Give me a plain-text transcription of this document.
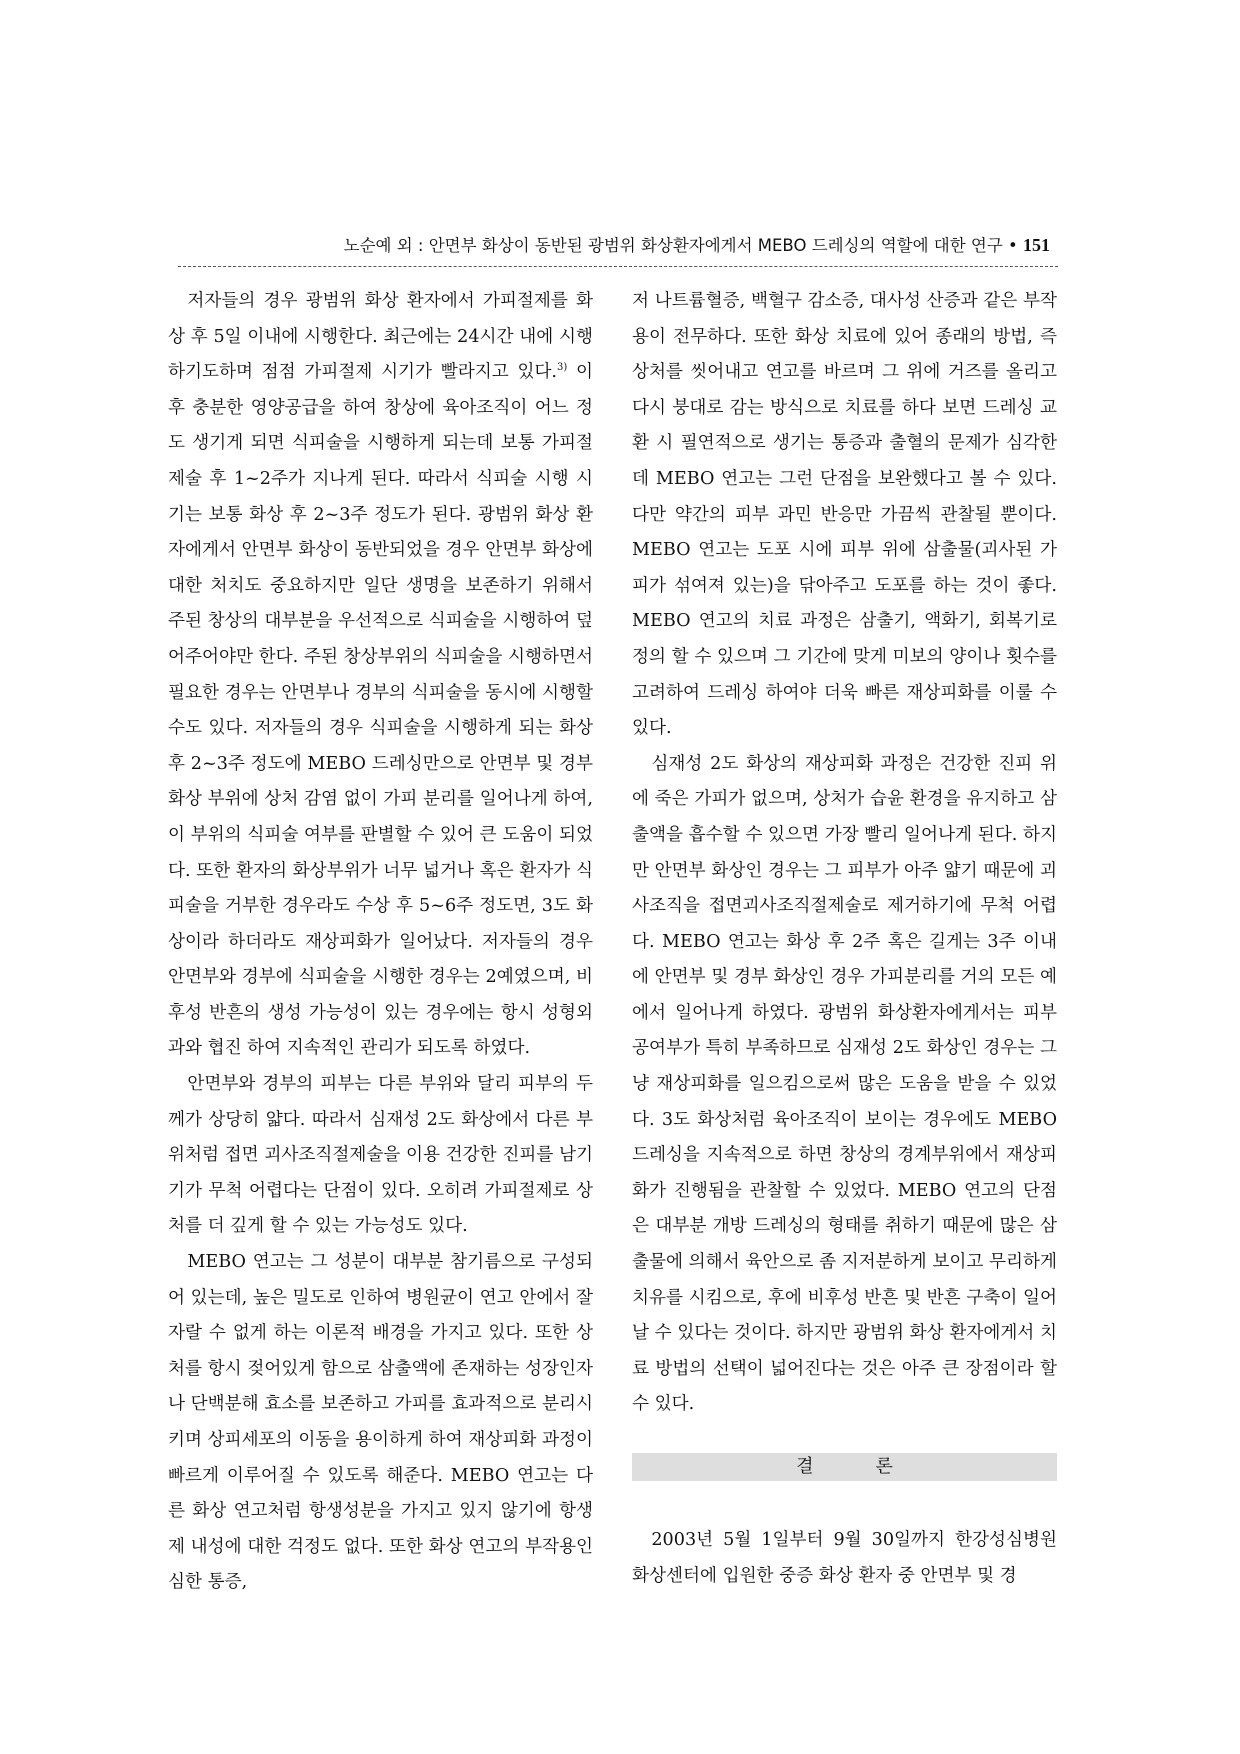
노순예 외 : 안면부 화상이 동반된 광범위 화상환자에게서 MEBO 드레싱의 역할에 대한 연구 • 151

저자들의 경우 광범위 화상 환자에서 가피절제를 화상 후 5일 이내에 시행한다. 최근에는 24시간 내에 시행하기도하며 점점 가피절제 시기가 빨라지고 있다.$^{3)}$ 이 후 충분한 영양공급을 하여 창상에 육아조직이 어느 정도 생기게 되면 식피술을 시행하게 되는데 보통 가피절제술 후 1~2주가 지나게 된다. 따라서 식피술 시행 시기는 보통 화상 후 2~3주 정도가 된다. 광범위 화상 환자에게서 안면부 화상이 동반되었을 경우 안면부 화상에 대한 처치도 중요하지만 일단 생명을 보존하기 위해서 주된 창상의 대부분을 우선적으로 식피술을 시행하여 덮어주어야만 한다. 주된 창상부위의 식피술을 시행하면서 필요한 경우는 안면부나 경부의 식피술을 동시에 시행할 수도 있다. 저자들의 경우 식피술을 시행하게 되는 화상 후 2~3주 정도에 MEBO 드레싱만으로 안면부 및 경부 화상 부위에 상처 감염 없이 가피 분리를 일어나게 하여, 이 부위의 식피술 여부를 판별할 수 있어 큰 도움이 되었다. 또한 환자의 화상부위가 너무 넓거나 혹은 환자가 식피술을 거부한 경우라도 수상 후 5~6주 정도면, 3도 화상이라 하더라도 재상피화가 일어났다. 저자들의 경우 안면부와 경부에 식피술을 시행한 경우는 2예였으며, 비후성 반흔의 생성 가능성이 있는 경우에는 항시 성형외과와 협진 하여 지속적인 관리가 되도록 하였다.

안면부와 경부의 피부는 다른 부위와 달리 피부의 두께가 상당히 얇다. 따라서 심재성 2도 화상에서 다른 부위처럼 접면 괴사조직절제술을 이용 건강한 진피를 남기기가 무척 어렵다는 단점이 있다. 오히려 가피절제로 상처를 더 깊게 할 수 있는 가능성도 있다.

MEBO 연고는 그 성분이 대부분 참기름으로 구성되어 있는데, 높은 밀도로 인하여 병원균이 연고 안에서 잘 자랄 수 없게 하는 이론적 배경을 가지고 있다. 또한 상처를 항시 젖어있게 함으로 삼출액에 존재하는 성장인자나 단백분해 효소를 보존하고 가피를 효과적으로 분리시키며 상피세포의 이동을 용이하게 하여 재상피화 과정이 빠르게 이루어질 수 있도록 해준다. MEBO 연고는 다른 화상 연고처럼 항생성분을 가지고 있지 않기에 항생제 내성에 대한 걱정도 없다. 또한 화상 연고의 부작용인 심한 통증,

저 나트륨혈증, 백혈구 감소증, 대사성 산증과 같은 부작용이 전무하다. 또한 화상 치료에 있어 종래의 방법, 즉 상처를 씻어내고 연고를 바르며 그 위에 거즈를 올리고 다시 붕대로 감는 방식으로 치료를 하다 보면 드레싱 교환 시 필연적으로 생기는 통증과 출혈의 문제가 심각한데 MEBO 연고는 그런 단점을 보완했다고 볼 수 있다. 다만 약간의 피부 과민 반응만 가끔씩 관찰될 뿐이다. MEBO 연고는 도포 시에 피부 위에 삼출물(괴사된 가피가 섞여져 있는)을 닦아주고 도포를 하는 것이 좋다. MEBO 연고의 치료 과정은 삼출기, 액화기, 회복기로 정의 할 수 있으며 그 기간에 맞게 미보의 양이나 횟수를 고려하여 드레싱 하여야 더욱 빠른 재상피화를 이룰 수 있다.

심재성 2도 화상의 재상피화 과정은 건강한 진피 위에 죽은 가피가 없으며, 상처가 습윤 환경을 유지하고 삼출액을 흡수할 수 있으면 가장 빨리 일어나게 된다. 하지만 안면부 화상인 경우는 그 피부가 아주 얇기 때문에 괴사조직을 접면괴사조직절제술로 제거하기에 무척 어렵다. MEBO 연고는 화상 후 2주 혹은 길게는 3주 이내에 안면부 및 경부 화상인 경우 가피분리를 거의 모든 예에서 일어나게 하였다. 광범위 화상환자에게서는 피부 공여부가 특히 부족하므로 심재성 2도 화상인 경우는 그냥 재상피화를 일으킴으로써 많은 도움을 받을 수 있었다. 3도 화상처럼 육아조직이 보이는 경우에도 MEBO 드레싱을 지속적으로 하면 창상의 경계부위에서 재상피화가 진행됨을 관찰할 수 있었다. MEBO 연고의 단점은 대부분 개방 드레싱의 형태를 취하기 때문에 많은 삼출물에 의해서 육안으로 좀 지저분하게 보이고 무리하게 치유를 시킴으로, 후에 비후성 반흔 및 반흔 구축이 일어날 수 있다는 것이다. 하지만 광범위 화상 환자에게서 치료 방법의 선택이 넓어진다는 것은 아주 큰 장점이라 할 수 있다.

결	론

2003년 5월 1일부터 9월 30일까지 한강성심병원 화상센터에 입원한 중증 화상 환자 중 안면부 및 경
